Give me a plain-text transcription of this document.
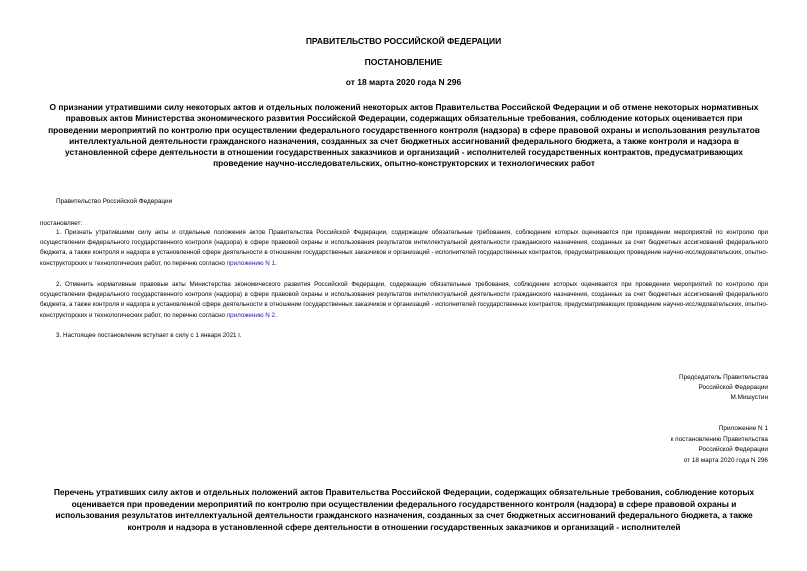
ПРАВИТЕЛЬСТВО РОССИЙСКОЙ ФЕДЕРАЦИИ
ПОСТАНОВЛЕНИЕ
от 18 марта 2020 года N 296
О признании утратившими силу некоторых актов и отдельных положений некоторых актов Правительства Российской Федерации и об отмене некоторых нормативных правовых актов Министерства экономического развития Российской Федерации, содержащих обязательные требования, соблюдение которых оценивается при проведении мероприятий по контролю при осуществлении федерального государственного контроля (надзора) в сфере правовой охраны и использования результатов интеллектуальной деятельности гражданского назначения, созданных за счет бюджетных ассигнований федерального бюджета, а также контроля и надзора в установленной сфере деятельности в отношении государственных заказчиков и организаций - исполнителей государственных контрактов, предусматривающих проведение научно-исследовательских, опытно-конструкторских и технологических работ
Правительство Российской Федерации
постановляет:
1. Признать утратившими силу акты и отдельные положения актов Правительства Российской Федерации, содержащие обязательные требования, соблюдение которых оценивается при проведении мероприятий по контролю при осуществлении федерального государственного контроля (надзора) в сфере правовой охраны и использования результатов интеллектуальной деятельности гражданского назначения, созданных за счет бюджетных ассигнований федерального бюджета, а также контроля и надзора в установленной сфере деятельности в отношении государственных заказчиков и организаций - исполнителей государственных контрактов, предусматривающих проведение научно-исследовательских, опытно-конструкторских и технологических работ, по перечню согласно приложению N 1.
2. Отменить нормативные правовые акты Министерства экономического развития Российской Федерации, содержащие обязательные требования, соблюдение которых оценивается при проведении мероприятий по контролю при осуществлении федерального государственного контроля (надзора) в сфере правовой охраны и использования результатов интеллектуальной деятельности гражданского назначения, созданных за счет бюджетных ассигнований федерального бюджета, а также контроля и надзора в установленной сфере деятельности в отношении государственных заказчиков и организаций - исполнителей государственных контрактов, предусматривающих проведение научно-исследовательских, опытно-конструкторских и технологических работ, по перечню согласно приложению N 2.
3. Настоящее постановление вступает в силу с 1 января 2021 г.
Председатель Правительства
Российской Федерации
М.Мишустин
Приложение N 1
к постановлению Правительства
Российской Федерации
от 18 марта 2020 года N 296
Перечень утративших силу актов и отдельных положений актов Правительства Российской Федерации, содержащих обязательные требования, соблюдение которых оценивается при проведении мероприятий по контролю при осуществлении федерального государственного контроля (надзора) в сфере правовой охраны и использования результатов интеллектуальной деятельности гражданского назначения, созданных за счет бюджетных ассигнований федерального бюджета, а также контроля и надзора в установленной сфере деятельности в отношении государственных заказчиков и организаций - исполнителей
